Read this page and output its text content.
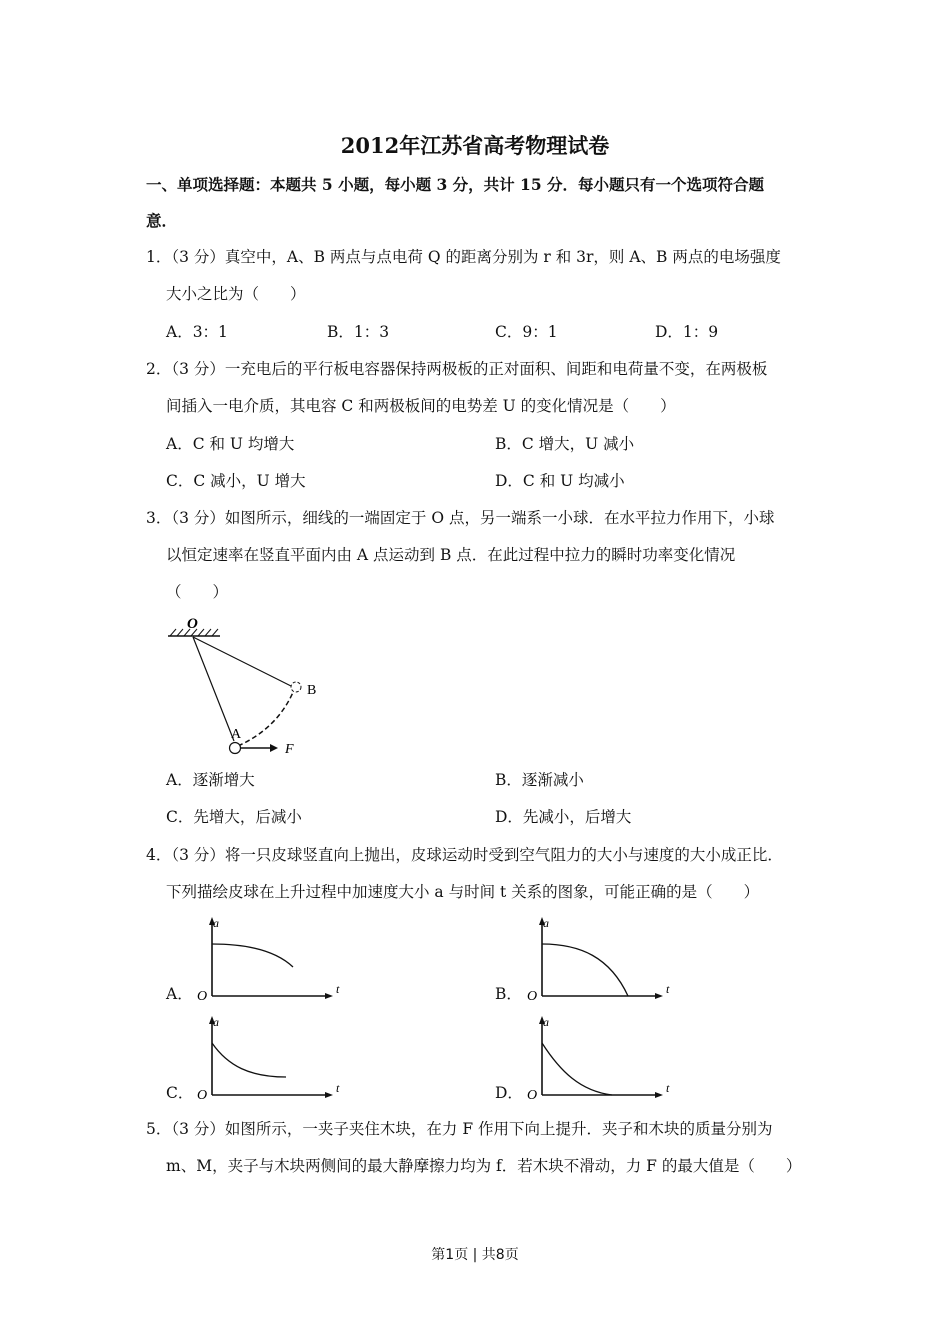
2012年江苏省高考物理试卷
一、单项选择题：本题共 5 小题，每小题 3 分，共计 15 分．每小题只有一个选项符合题
意．
1．（3 分）真空中，A、B 两点与点电荷 Q 的距离分别为 r 和 3r，则 A、B 两点的电场强度
大小之比为（　　）
A．3：1	B．1：3	C．9：1	D．1：9
2．（3 分）一充电后的平行板电容器保持两极板的正对面积、间距和电荷量不变，在两极板
间插入一电介质，其电容 C 和两极板间的电势差 U 的变化情况是（　　）
A．C 和 U 均增大	B．C 增大，U 减小
C．C 减小，U 增大	D．C 和 U 均减小
3．（3 分）如图所示，细线的一端固定于 O 点，另一端系一小球．在水平拉力作用下，小球
以恒定速率在竖直平面内由 A 点运动到 B 点．在此过程中拉力的瞬时功率变化情况
（　　）
O
B
A
F
A．逐渐增大	B．逐渐减小
C．先增大，后减小	D．先减小，后增大
4．（3 分）将一只皮球竖直向上抛出，皮球运动时受到空气阻力的大小与速度的大小成正比．
下列描绘皮球在上升过程中加速度大小 a 与时间 t 关系的图象，可能正确的是（　　）
A．
a
t
O	B．
a
t
O
C．
a
t
O	D．
a
t
O
5．（3 分）如图所示，一夹子夹住木块，在力 F 作用下向上提升．夹子和木块的质量分别为
m、M，夹子与木块两侧间的最大静摩擦力均为 f．若木块不滑动，力 F 的最大值是（　　）
第1页 | 共8页
